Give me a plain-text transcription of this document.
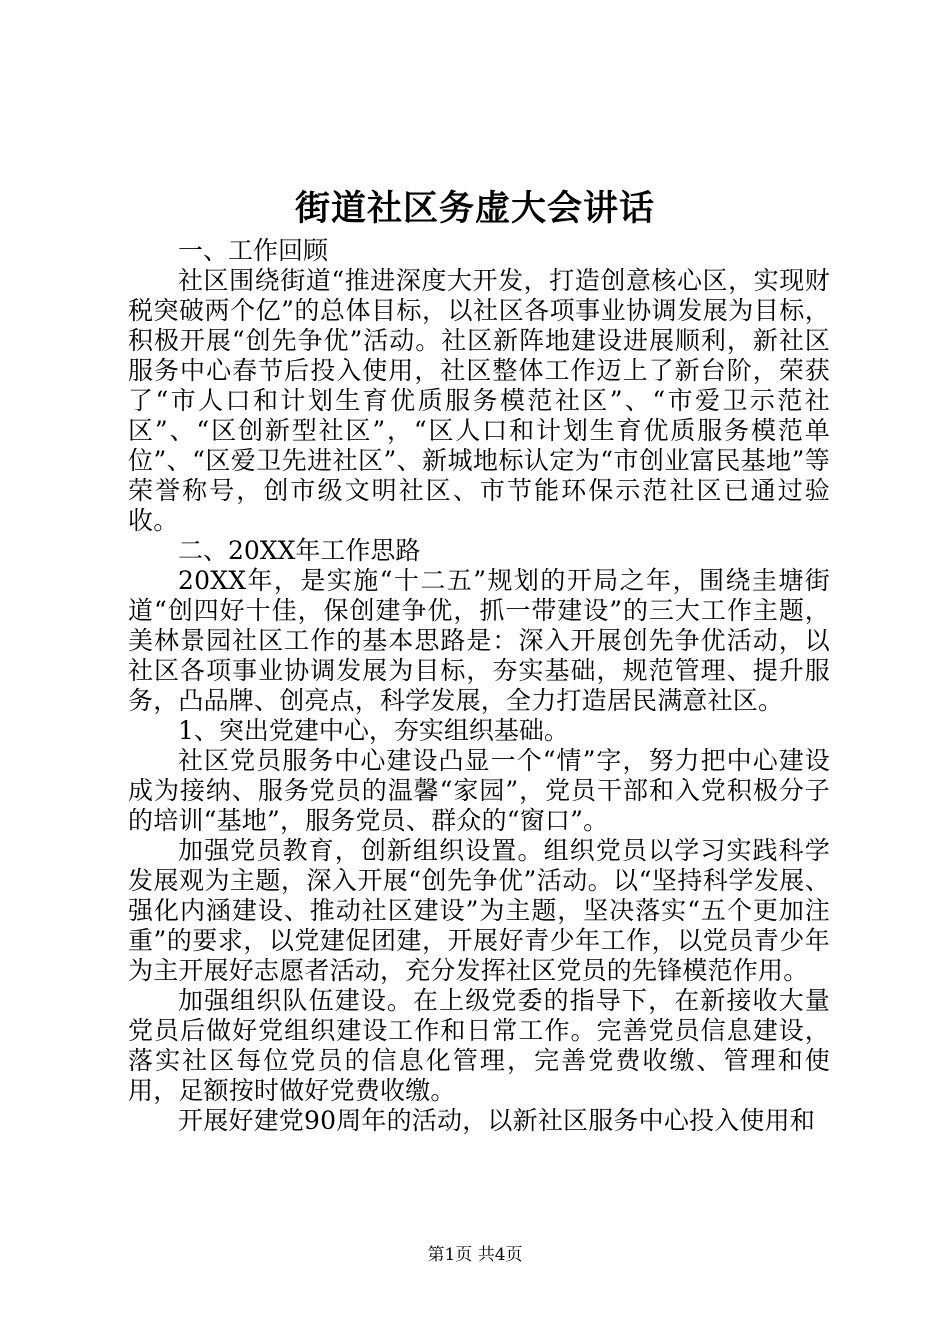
街道社区务虚大会讲话

一、工作回顾

社区围绕街道“推进深度大开发，打造创意核心区，实现财税突破两个亿”的总体目标，以社区各项事业协调发展为目标，积极开展“创先争优”活动。社区新阵地建设进展顺利，新社区服务中心春节后投入使用，社区整体工作迈上了新台阶，荣获了“市人口和计划生育优质服务模范社区”、“市爱卫示范社区”、“区创新型社区”，“区人口和计划生育优质服务模范单位”、“区爱卫先进社区”、新城地标认定为“市创业富民基地”等荣誉称号，创市级文明社区、市节能环保示范社区已通过验收。

二、20XX年工作思路

20XX年，是实施“十二五”规划的开局之年，围绕圭塘街道“创四好十佳，保创建争优，抓一带建设”的三大工作主题，美林景园社区工作的基本思路是：深入开展创先争优活动，以社区各项事业协调发展为目标，夯实基础，规范管理、提升服务，凸品牌、创亮点，科学发展，全力打造居民满意社区。

1、突出党建中心，夯实组织基础。

社区党员服务中心建设凸显一个“情”字，努力把中心建设成为接纳、服务党员的温馨“家园”，党员干部和入党积极分子的培训“基地”，服务党员、群众的“窗口”。

加强党员教育，创新组织设置。组织党员以学习实践科学发展观为主题，深入开展“创先争优”活动。以“坚持科学发展、强化内涵建设、推动社区建设”为主题，坚决落实“五个更加注重”的要求，以党建促团建，开展好青少年工作，以党员青少年为主开展好志愿者活动，充分发挥社区党员的先锋模范作用。

加强组织队伍建设。在上级党委的指导下，在新接收大量党员后做好党组织建设工作和日常工作。完善党员信息建设，落实社区每位党员的信息化管理，完善党费收缴、管理和使用，足额按时做好党费收缴。

开展好建党90周年的活动，以新社区服务中心投入使用和

第1页 共4页
